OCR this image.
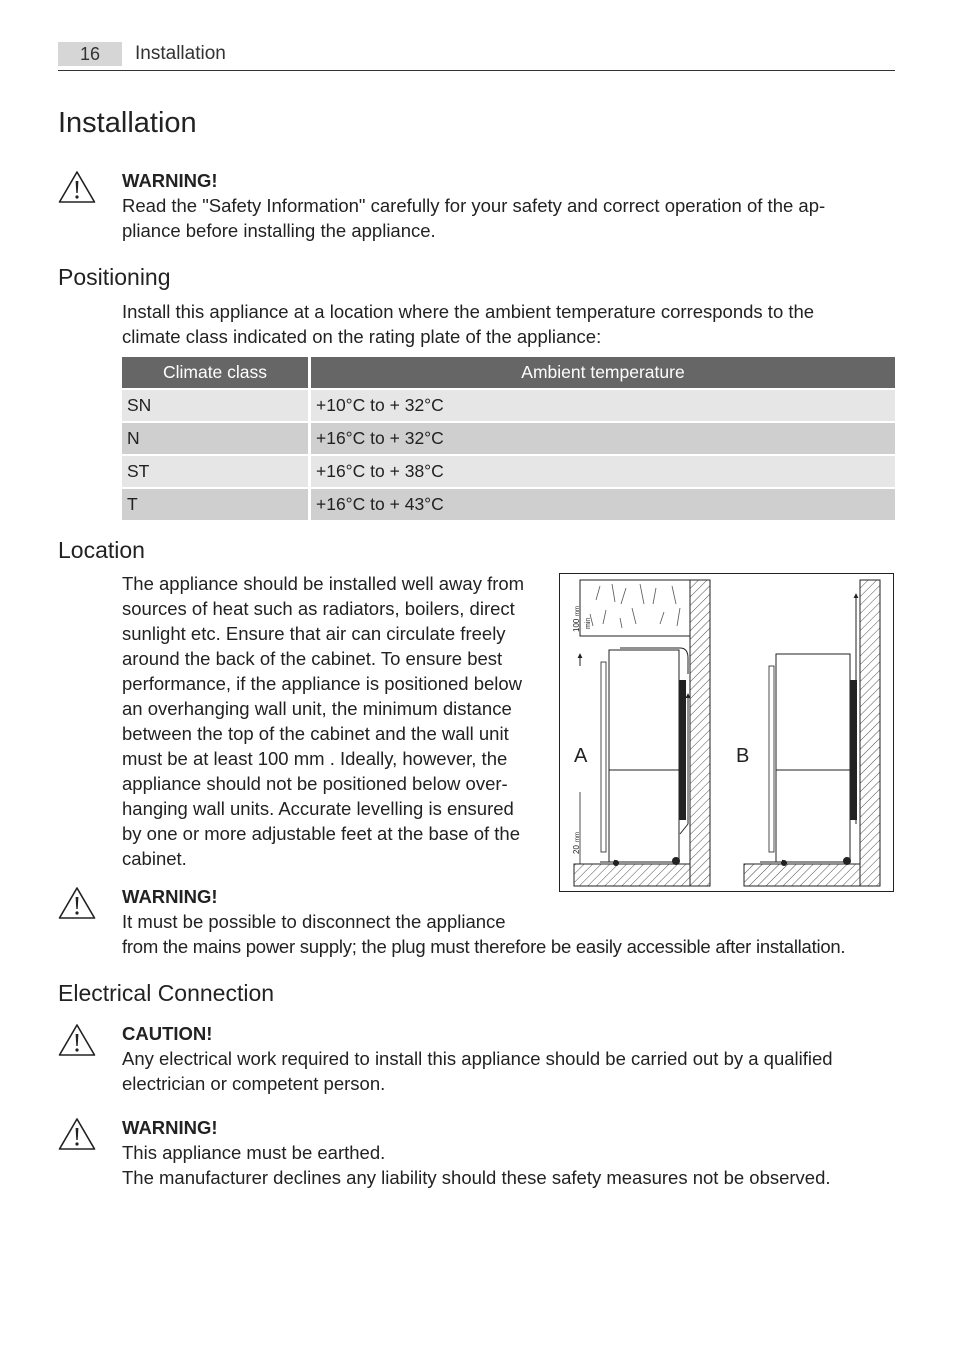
16	Installation
Installation
WARNING!
Read the "Safety Information" carefully for your safety and correct operation of the ap-
pliance before installing the appliance.
Positioning
Install this appliance at a location where the ambient temperature corresponds to the
climate class indicated on the rating plate of the appliance:
Climate class	Ambient temperature
SN	+10°C to + 32°C
N	+16°C to + 32°C
ST	+16°C to + 38°C
T	+16°C to + 43°C
Location
The appliance should be installed well away from
sources of heat such as radiators, boilers, direct
sunlight etc. Ensure that air can circulate freely
around the back of the cabinet. To ensure best
performance, if the appliance is positioned below
an overhanging wall unit, the minimum distance
between the top of the cabinet and the wall unit
must be at least 100 mm . Ideally, however, the
appliance should not be positioned below over-
hanging wall units. Accurate levelling is ensured
by one or more adjustable feet at the base of the
cabinet.
100
mm
min
20
mm
A	B
WARNING!
It must be possible to disconnect the appliance
from the mains power supply; the plug must therefore be easily accessible after installation.
Electrical Connection
CAUTION!
Any electrical work required to install this appliance should be carried out by a qualified
electrician or competent person.
WARNING!
This appliance must be earthed.
The manufacturer declines any liability should these safety measures not be observed.
